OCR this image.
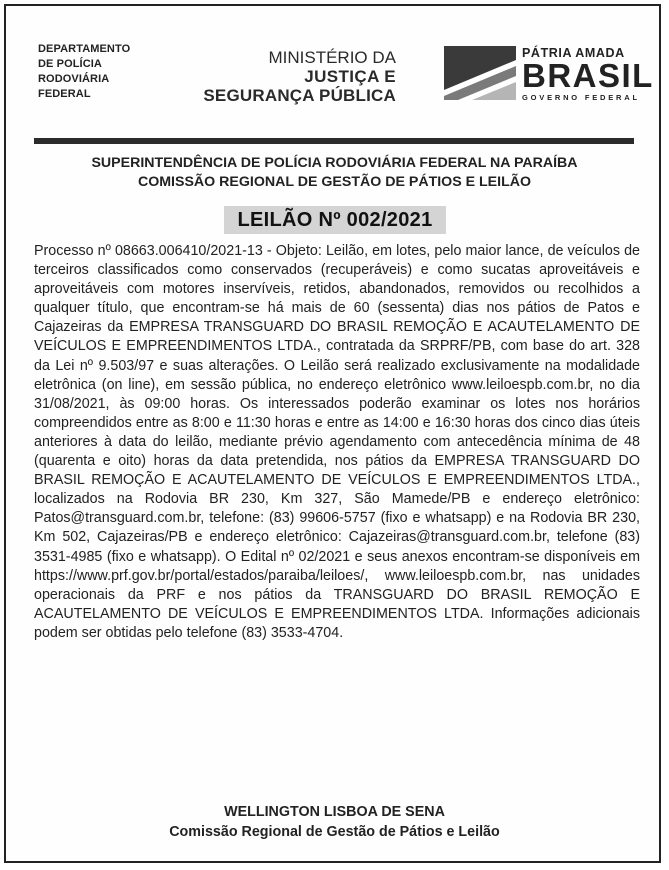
DEPARTAMENTO
DE POLÍCIA
RODOVIÁRIA
FEDERAL
MINISTÉRIO DA
JUSTIÇA E
SEGURANÇA PÚBLICA
PÁTRIA AMADA
BRASIL
GOVERNO FEDERAL
SUPERINTENDÊNCIA DE POLÍCIA RODOVIÁRIA FEDERAL NA PARAÍBA
COMISSÃO REGIONAL DE GESTÃO DE PÁTIOS E LEILÃO
LEILÃO Nº 002/2021
Processo nº 08663.006410/2021-13 - Objeto: Leilão, em lotes, pelo maior lance, de veículos de terceiros classificados como conservados (recuperáveis) e como sucatas aproveitáveis e aproveitáveis com motores inservíveis, retidos, abandonados, removidos ou recolhidos a qualquer título, que encontram-se há mais de 60 (sessenta) dias nos pátios de Patos e Cajazeiras da EMPRESA TRANSGUARD DO BRASIL REMOÇÃO E ACAUTELAMENTO DE VEÍCULOS E EMPREENDIMENTOS LTDA., contratada da SRPRF/PB, com base do art. 328 da Lei nº 9.503/97 e suas alterações. O Leilão será realizado exclusivamente na modalidade eletrônica (on line), em sessão pública, no endereço eletrônico www.leiloespb.com.br, no dia 31/08/2021, às 09:00 horas. Os interessados poderão examinar os lotes nos horários compreendidos entre as 8:00 e 11:30 horas e entre as 14:00 e 16:30 horas dos cinco dias úteis anteriores à data do leilão, mediante prévio agendamento com antecedência mínima de 48 (quarenta e oito) horas da data pretendida, nos pátios da EMPRESA TRANSGUARD DO BRASIL REMOÇÃO E ACAUTELAMENTO DE VEÍCULOS E EMPREENDIMENTOS LTDA., localizados na Rodovia BR 230, Km 327, São Mamede/PB e endereço eletrônico: Patos@transguard.com.br, telefone: (83) 99606-5757 (fixo e whatsapp) e na Rodovia BR 230, Km 502, Cajazeiras/PB e endereço eletrônico: Cajazeiras@transguard.com.br, telefone (83) 3531-4985 (fixo e whatsapp). O Edital nº 02/2021 e seus anexos encontram-se disponíveis em https://www.prf.gov.br/portal/estados/paraiba/leiloes/, www.leiloespb.com.br, nas unidades operacionais da PRF e nos pátios da TRANSGUARD DO BRASIL REMOÇÃO E ACAUTELAMENTO DE VEÍCULOS E EMPREENDIMENTOS LTDA. Informações adicionais podem ser obtidas pelo telefone (83) 3533-4704.
WELLINGTON LISBOA DE SENA
Comissão Regional de Gestão de Pátios e Leilão
